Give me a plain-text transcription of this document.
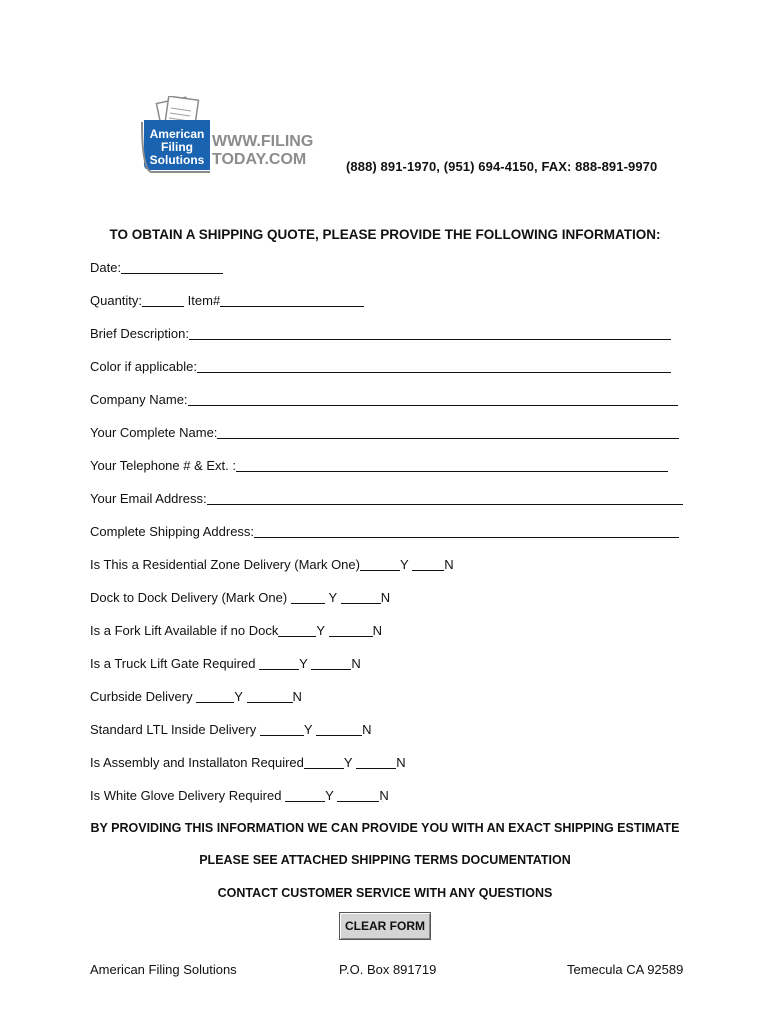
American
Filing
Solutions
WWW.FILING
TODAY.COM	(888) 891-1970, (951) 694-4150, FAX: 888-891-9970
TO OBTAIN A SHIPPING QUOTE, PLEASE PROVIDE THE FOLLOWING INFORMATION:
Date:
Quantity:	Item#
Brief Description:
Color if applicable:
Company Name:
Your Complete Name:
Your Telephone # & Ext. :
Your Email Address:
Complete Shipping Address:
Is This a Residential Zone Delivery (Mark One)	Y	N
Dock to Dock Delivery (Mark One)	Y	N
Is a Fork Lift Available if no Dock	Y	N
Is a Truck Lift Gate Required	Y	N
Curbside Delivery	Y	N
Standard LTL Inside Delivery	Y	N
Is Assembly and Installaton Required	Y	N
Is White Glove Delivery Required	Y	N
BY PROVIDING THIS INFORMATION WE CAN PROVIDE YOU WITH AN EXACT SHIPPING ESTIMATE
PLEASE SEE ATTACHED SHIPPING TERMS DOCUMENTATION
CONTACT CUSTOMER SERVICE WITH ANY QUESTIONS
CLEAR FORM
American Filing Solutions	P.O. Box 891719	Temecula CA 92589
